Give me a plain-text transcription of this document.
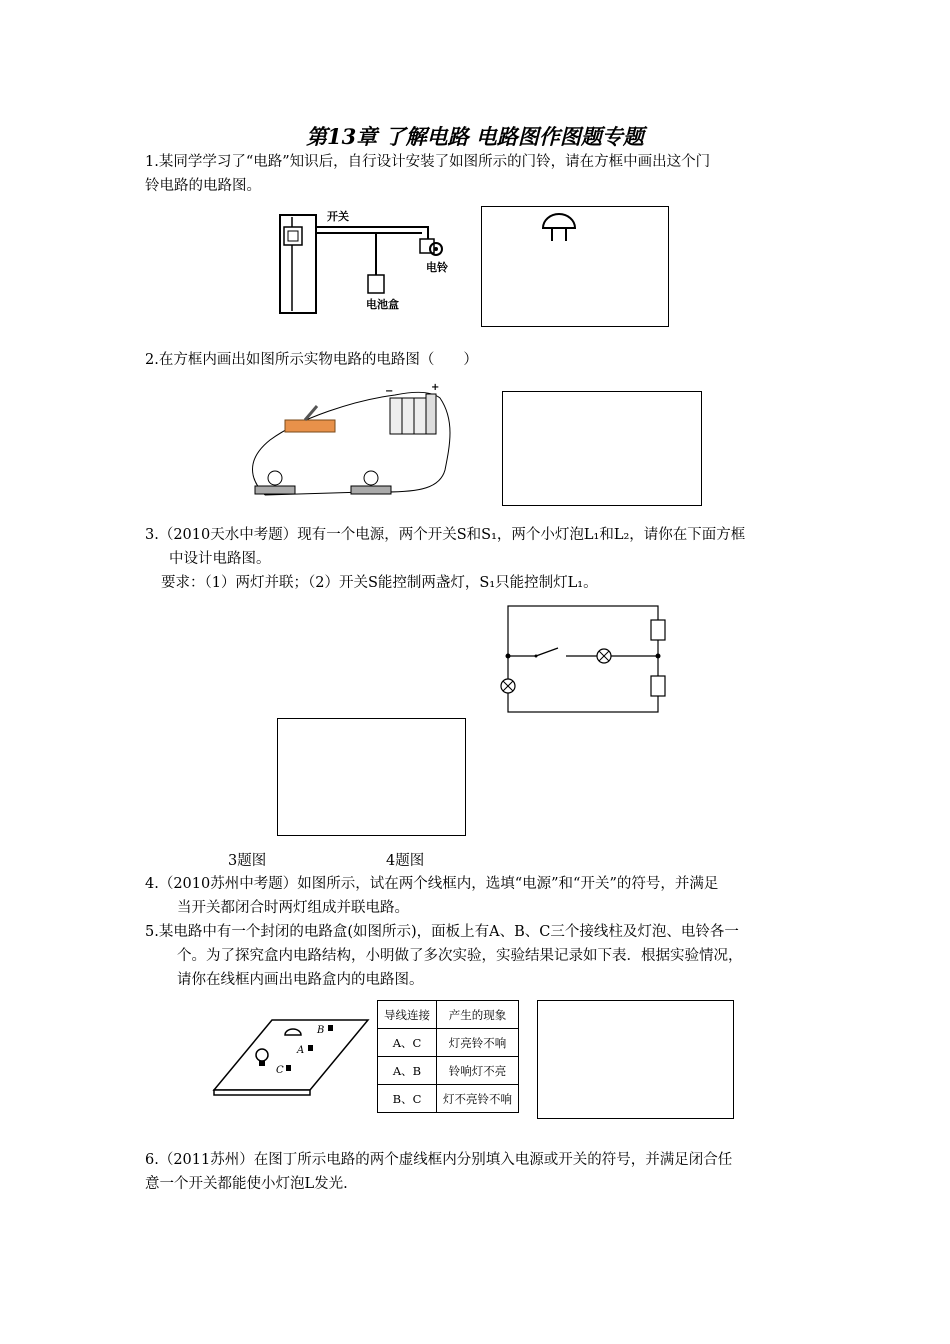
第13章 了解电路 电路图作图题专题
1.某同学学习了“电路”知识后，自行设计安装了如图所示的门铃，请在方框中画出这个门
铃电路的电路图。
开关
电铃
电池盒
2.在方框内画出如图所示实物电路的电路图（　　）
−	+
3.（2010天水中考题）现有一个电源，两个开关S和S₁，两个小灯泡L₁和L₂，请你在下面方框
中设计电路图。
要求：（1）两灯并联；（2）开关S能控制两盏灯，S₁只能控制灯L₁。
3题图	4题图
4.（2010苏州中考题）如图所示，试在两个线框内，选填“电源”和“开关”的符号，并满足
当开关都闭合时两灯组成并联电路。
5.某电路中有一个封闭的电路盒(如图所示)，面板上有A、B、C三个接线柱及灯泡、电铃各一
个。为了探究盒内电路结构，小明做了多次实验，实验结果记录如下表．根据实验情况，
请你在线框内画出电路盒内的电路图。
B
A
C
导线连接	产生的现象
A、C	灯亮铃不响
A、B	铃响灯不亮
B、C	灯不亮铃不响
6.（2011苏州）在图丁所示电路的两个虚线框内分别填入电源或开关的符号，并满足闭合任
意一个开关都能使小灯泡L发光.
